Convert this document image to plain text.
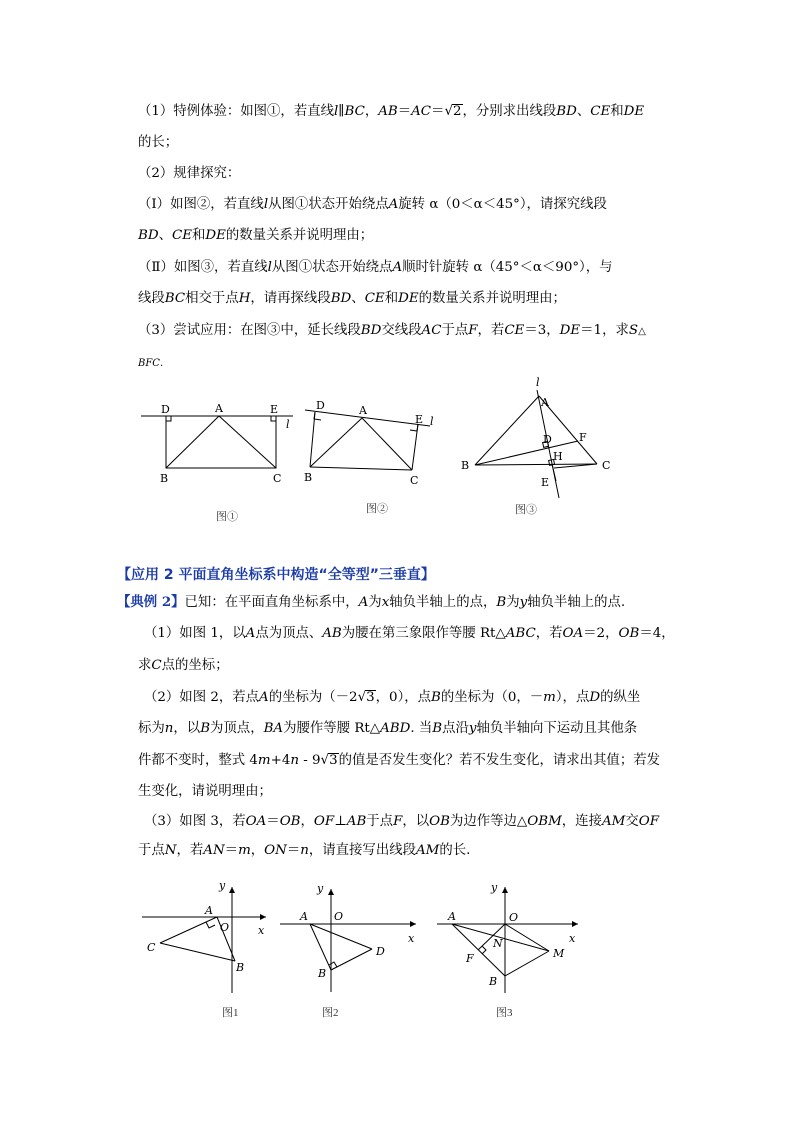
（1）特例体验：如图①，若直线l∥BC，AB＝AC＝√2，分别求出线段BD、CE和DE
的长；
（2）规律探究：
（Ⅰ）如图②，若直线l从图①状态开始绕点A旋转 α（0＜α＜45°），请探究线段
BD、CE和DE的数量关系并说明理由；
（Ⅱ）如图③，若直线l从图①状态开始绕点A顺时针旋转 α（45°＜α＜90°），与
线段BC相交于点H，请再探线段BD、CE和DE的数量关系并说明理由；
（3）尝试应用：在图③中，延长线段BD交线段AC于点F，若CE＝3，DE＝1，求S△
BFC.
D	A	E
l
B	C
图①
D	A
E l
B	C
图②
l
A
D F
H
B	C
E
图③
【应用 2 平面直角坐标系中构造“全等型”三垂直】
【典例 2】已知：在平面直角坐标系中，A为x轴负半轴上的点，B为y轴负半轴上的点.
（1）如图 1，以A点为顶点、AB为腰在第三象限作等腰 Rt△ABC，若OA＝2，OB＝4，
求C点的坐标；
（2）如图 2，若点A的坐标为（－2√3，0），点B的坐标为（0，－m），点D的纵坐
标为n，以B为顶点，BA为腰作等腰 Rt△ABD. 当B点沿y轴负半轴向下运动且其他条
件都不变时，整式 4m+4n - 9√3的值是否发生变化？若不发生变化，请求出其值；若发
生变化，请说明理由；
（3）如图 3，若OA＝OB，OF⊥AB于点F，以OB为边作等边△OBM，连接AM交OF
于点N，若AN＝m，ON＝n，请直接写出线段AM的长.
y
x
A
O
C
B
图1
y
x
A O
D
B
图2
y
x
A	O
N
F	M
B
图3
